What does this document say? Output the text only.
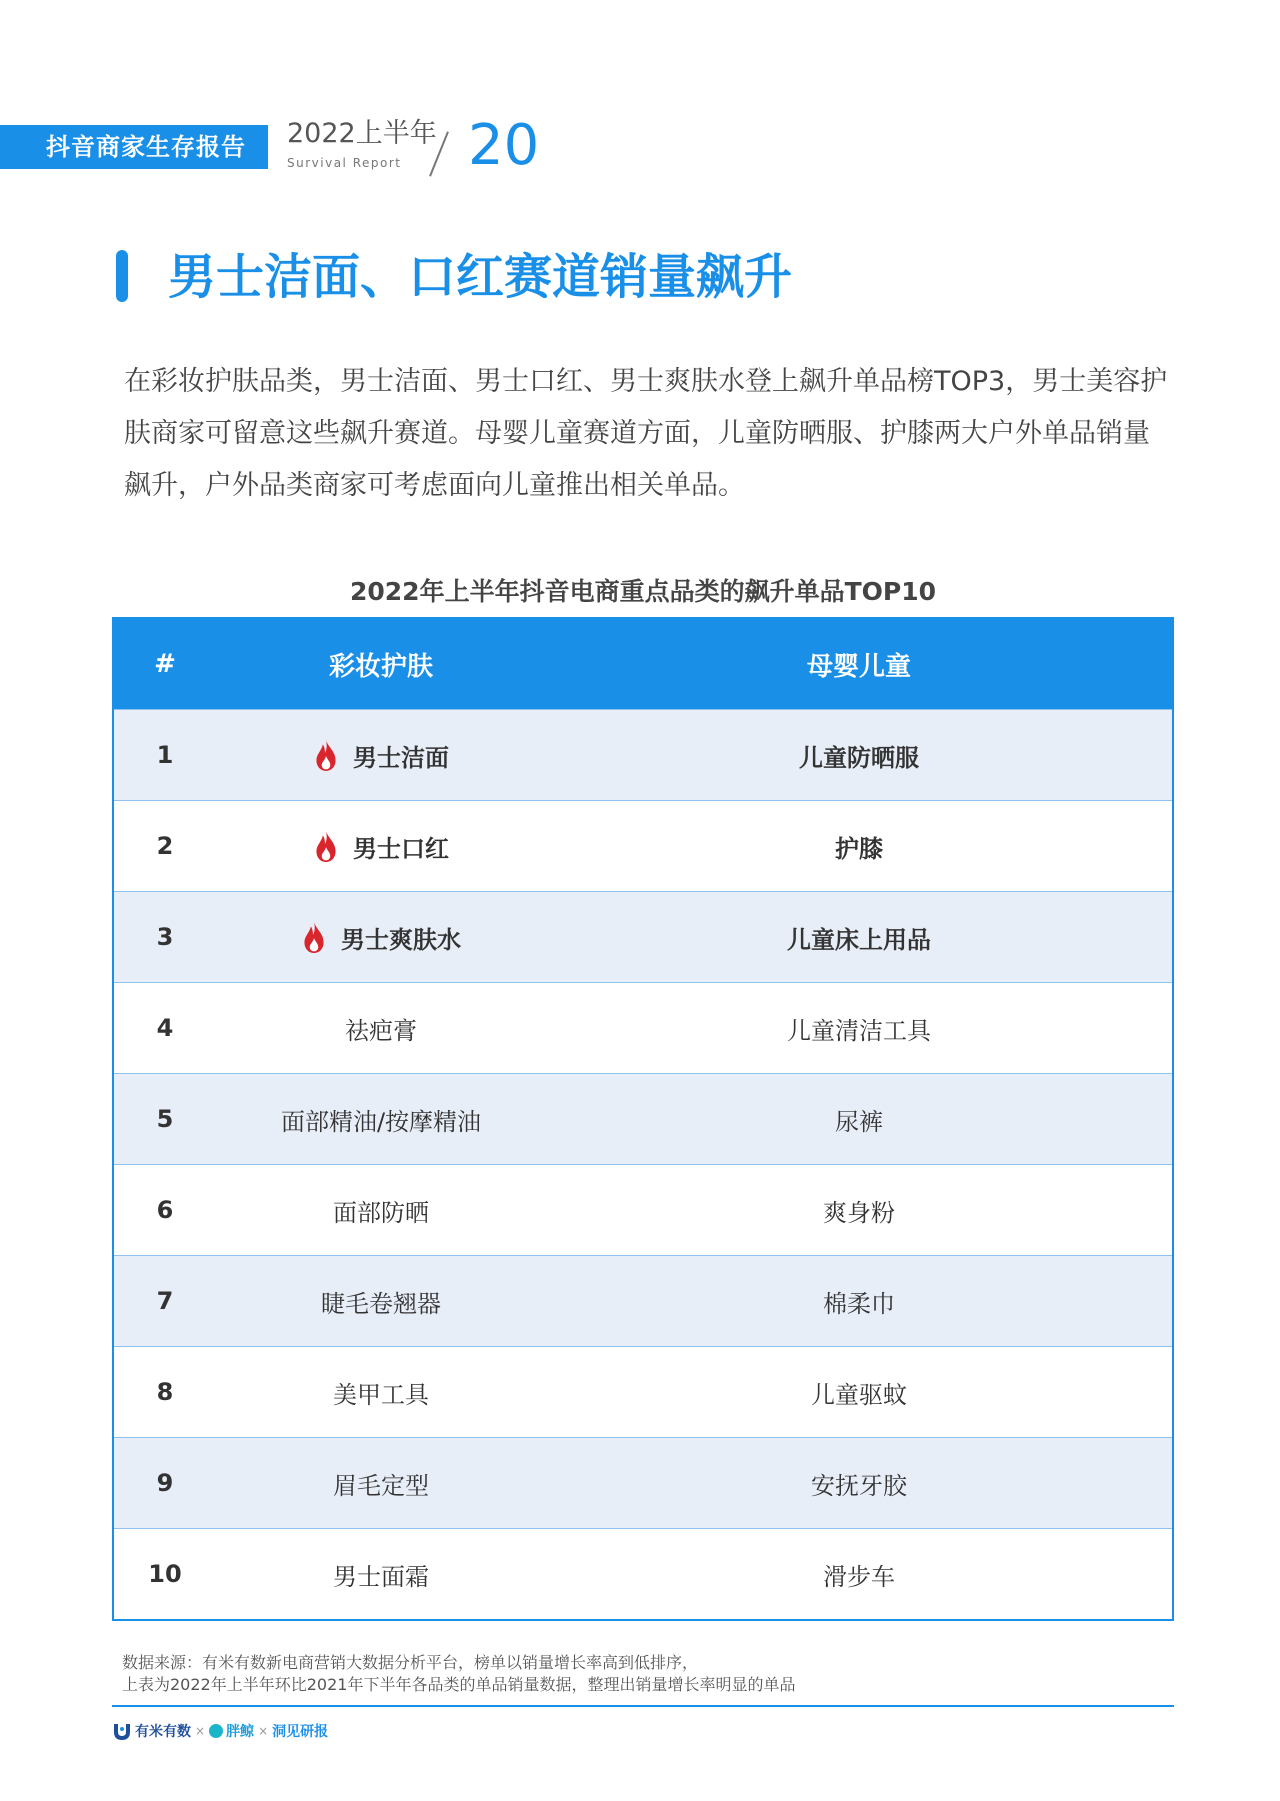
抖音商家生存报告	2022上半年
Survival Report 20
男士洁面、口红赛道销量飙升
在彩妆护肤品类，男士洁面、男士口红、男士爽肤水登上飙升单品榜TOP3，男士美容护肤商家可留意这些飙升赛道。母婴儿童赛道方面，儿童防晒服、护膝两大户外单品销量飙升，户外品类商家可考虑面向儿童推出相关单品。
2022年上半年抖音电商重点品类的飙升单品TOP10
#	彩妆护肤	母婴儿童
1	男士洁面	儿童防晒服
2	男士口红	护膝
3	男士爽肤水	儿童床上用品
4	祛疤膏	儿童清洁工具
5	面部精油/按摩精油	尿裤
6	面部防晒	爽身粉
7	睫毛卷翘器	棉柔巾
8	美甲工具	儿童驱蚊
9	眉毛定型	安抚牙胶
10	男士面霜	滑步车
数据来源：有米有数新电商营销大数据分析平台，榜单以销量增长率高到低排序，
上表为2022年上半年环比2021年下半年各品类的单品销量数据，整理出销量增长率明显的单品
有米有数 × 胖鲸 × 洞见研报
